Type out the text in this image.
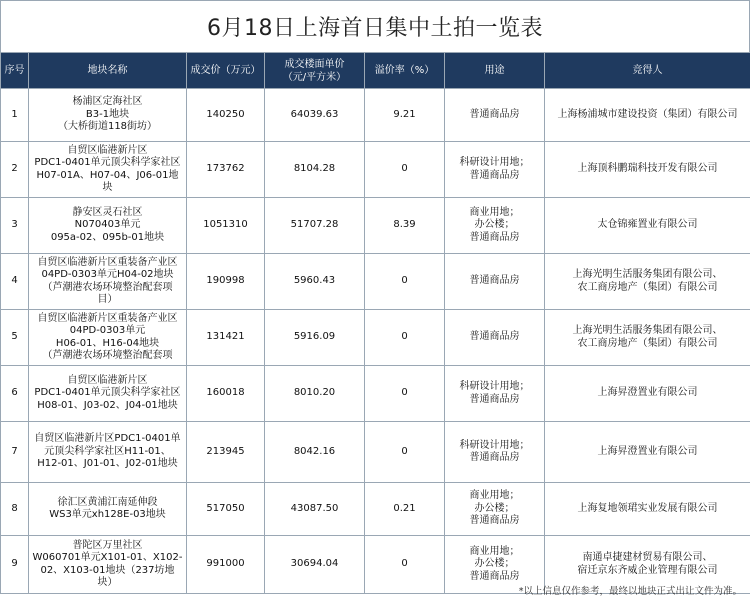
6月18日上海首日集中土拍一览表
序号	地块名称	成交价（万元）	成交楼面单价
（元/平方米）	溢价率（%）	用途	竞得人
1	杨浦区定海社区
B3-1地块
（大桥街道118街坊）	140250	64039.63	9.21	普通商品房	上海杨浦城市建设投资（集团）有限公司
2	自贸区临港新片区
PDC1-0401单元顶尖科学家社区
H07-01A、H07-04、J06-01地
块	173762	8104.28	0	科研设计用地；
普通商品房	上海顶科鹏瑞科技开发有限公司
3	静安区灵石社区
N070403单元
095a-02、095b-01地块	1051310	51707.28	8.39	商业用地；
办公楼；
普通商品房	太仓锦雍置业有限公司
4	自贸区临港新片区重装备产业区
04PD-0303单元H04-02地块
（芦潮港农场环境整治配套项
目）	190998	5960.43	0	普通商品房	上海光明生活服务集团有限公司、
农工商房地产（集团）有限公司
5	自贸区临港新片区重装备产业区
04PD-0303单元
H06-01、H16-04地块
（芦潮港农场环境整治配套项	131421	5916.09	0	普通商品房	上海光明生活服务集团有限公司、
农工商房地产（集团）有限公司
6	自贸区临港新片区
PDC1-0401单元顶尖科学家社区
H08-01、J03-02、J04-01地块	160018	8010.20	0	科研设计用地；
普通商品房	上海昇澄置业有限公司
7	自贸区临港新片区PDC1-0401单
元顶尖科学家社区H11-01、
H12-01、J01-01、J02-01地块	213945	8042.16	0	科研设计用地；
普通商品房	上海昇澄置业有限公司
8	徐汇区黄浦江南延伸段
WS3单元xh128E-03地块	517050	43087.50	0.21	商业用地；
办公楼；
普通商品房	上海复地领珺实业发展有限公司
9	普陀区万里社区
W060701单元X101-01、X102-
02、X103-01地块（237坊地
块）	991000	30694.04	0	商业用地；
办公楼；
普通商品房	南通卓捷建材贸易有限公司、
宿迁京东齐威企业管理有限公司
*以上信息仅作参考，最终以地块正式出让文件为准。
